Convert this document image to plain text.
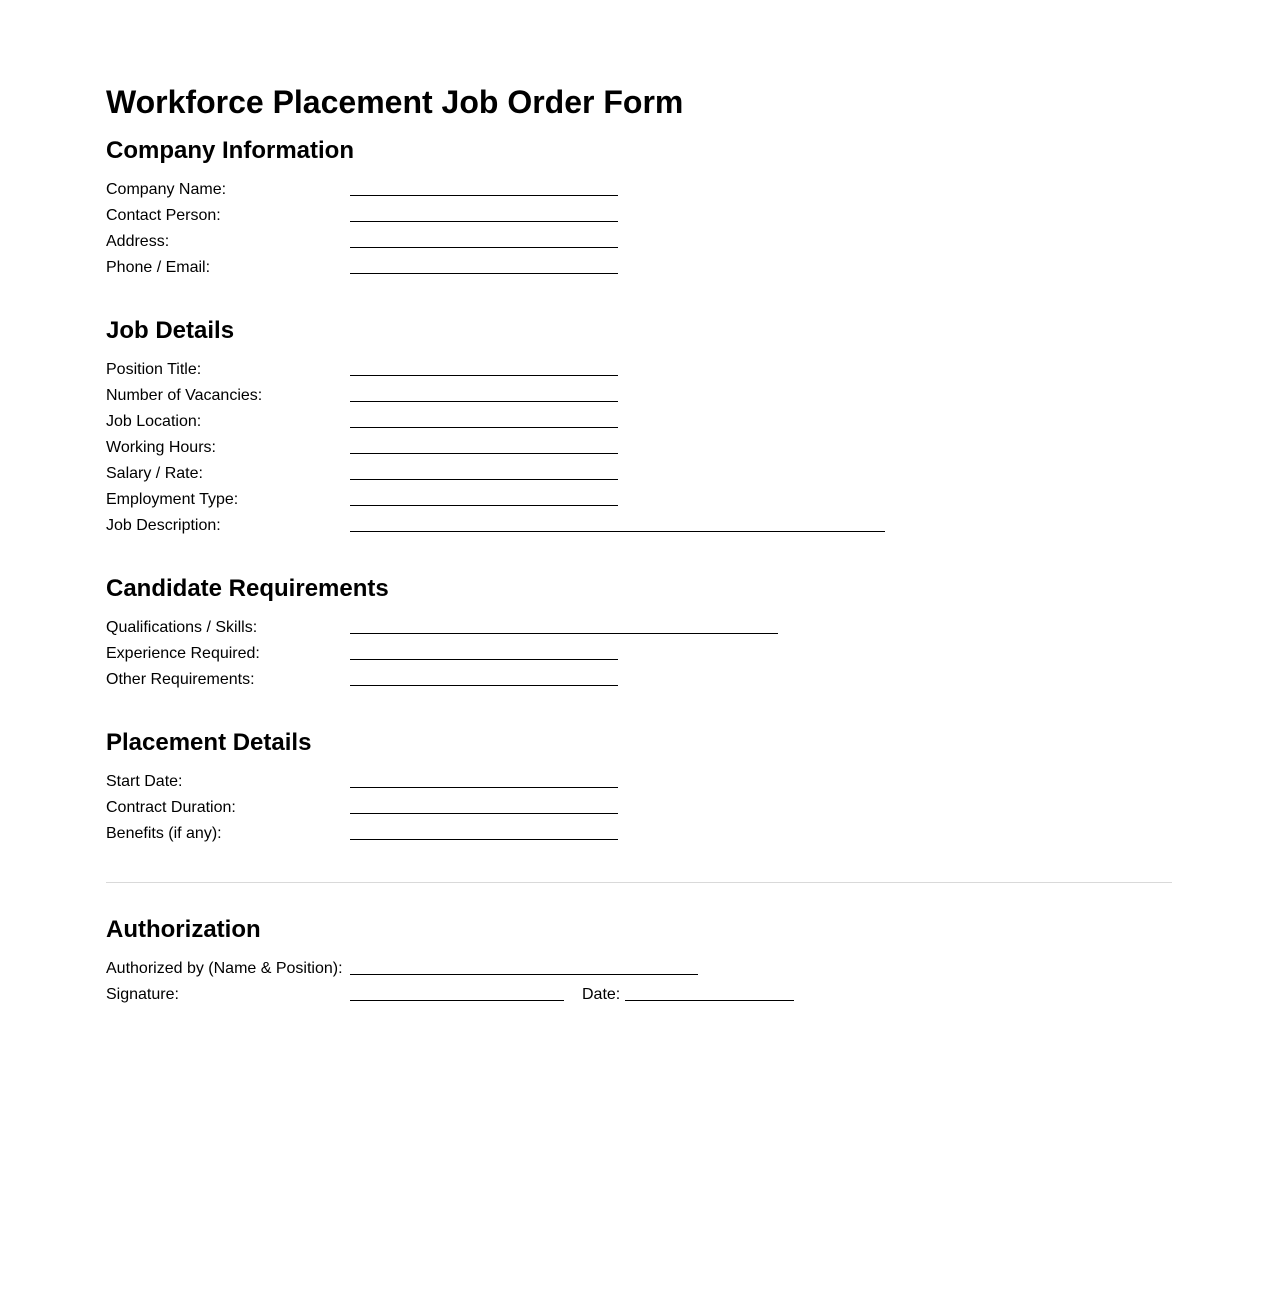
Workforce Placement Job Order Form
Company Information
Company Name:
Contact Person:
Address:
Phone / Email:
Job Details
Position Title:
Number of Vacancies:
Job Location:
Working Hours:
Salary / Rate:
Employment Type:
Job Description:
Candidate Requirements
Qualifications / Skills:
Experience Required:
Other Requirements:
Placement Details
Start Date:
Contract Duration:
Benefits (if any):
Authorization
Authorized by (Name & Position):
Signature:	Date:
